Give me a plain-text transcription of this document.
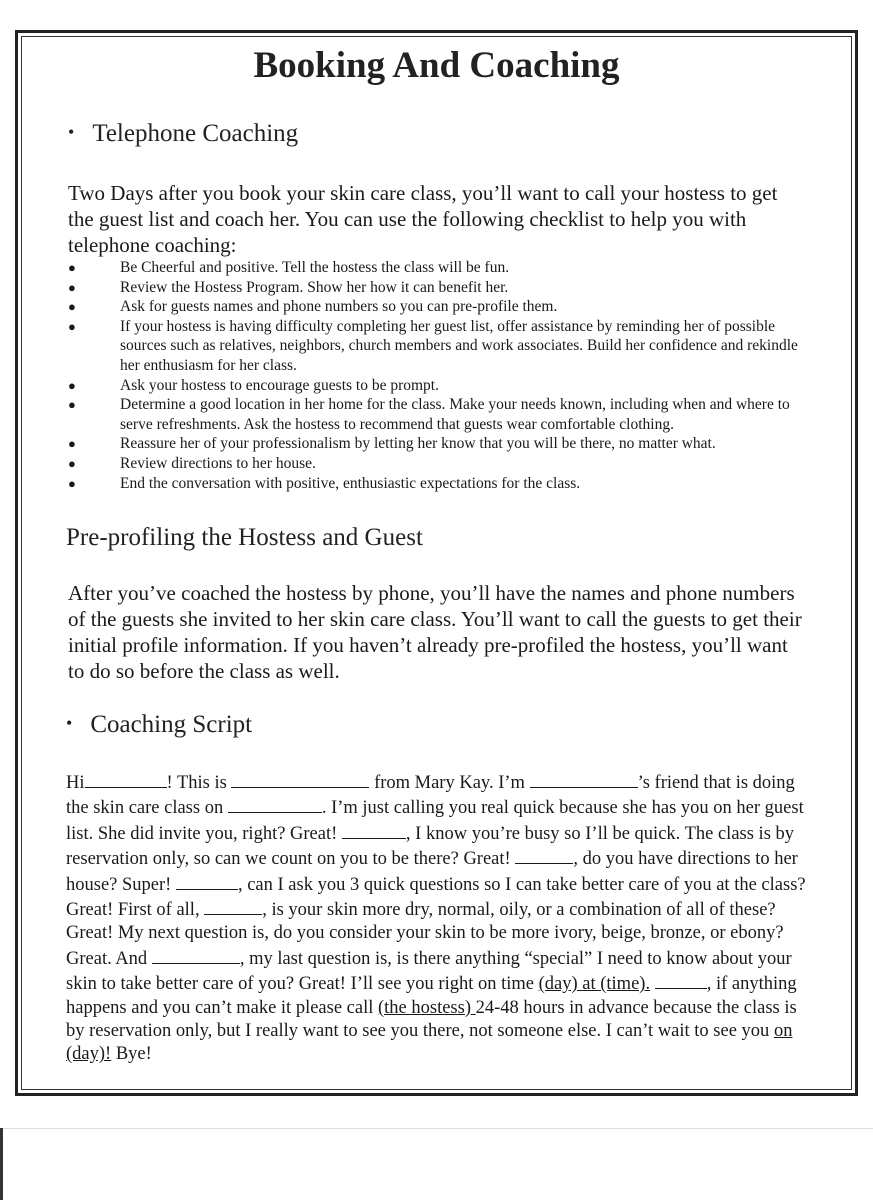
Booking And Coaching
• Telephone Coaching

Two Days after you book your skin care class, you’ll want to call your hostess to get the guest list and coach her. You can use the following checklist to help you with telephone coaching:

●	Be Cheerful and positive. Tell the hostess the class will be fun.
●	Review the Hostess Program. Show her how it can benefit her.
●	Ask for guests names and phone numbers so you can pre-profile them.
●	If your hostess is having difficulty completing her guest list, offer assistance by reminding her of possible sources such as relatives, neighbors, church members and work associates. Build her confidence and rekindle her enthusiasm for her class.
●	Ask your hostess to encourage guests to be prompt.
●	Determine a good location in her home for the class. Make your needs known, including when and where to serve refreshments. Ask the hostess to recommend that guests wear comfortable clothing.
●	Reassure her of your professionalism by letting her know that you will be there, no matter what.
●	Review directions to her house.
●	End the conversation with positive, enthusiastic expectations for the class.
Pre-profiling the Hostess and Guest

After you’ve coached the hostess by phone, you’ll have the names and phone numbers of the guests she invited to her skin care class. You’ll want to call the guests to get their initial profile information. If you haven’t already pre-profiled the hostess, you’ll want to do so before the class as well.

• Coaching Script

Hi	! This is	from Mary Kay. I’m	’s friend that is doing the skin care class on	. I’m just calling you real quick because she has you on her guest list. She did invite you, right? Great!	, I know you’re busy so I’ll be quick. The class is by reservation only, so can we count on you to be there? Great!	, do you have directions to her house? Super!	, can I ask you 3 quick questions so I can take better care of you at the class? Great! First of all,	, is your skin more dry, normal, oily, or a combination of all of these? Great! My next question is, do you consider your skin to be more ivory, beige, bronze, or ebony? Great. And	, my last question is, is there anything “special” I need to know about your skin to take better care of you? Great! I’ll see you right on time (day) at (time).	, if anything happens and you can’t make it please call (the hostess) 24-48 hours in advance because the class is by reservation only, but I really want to see you there, not someone else. I can’t wait to see you on (day)! Bye!
